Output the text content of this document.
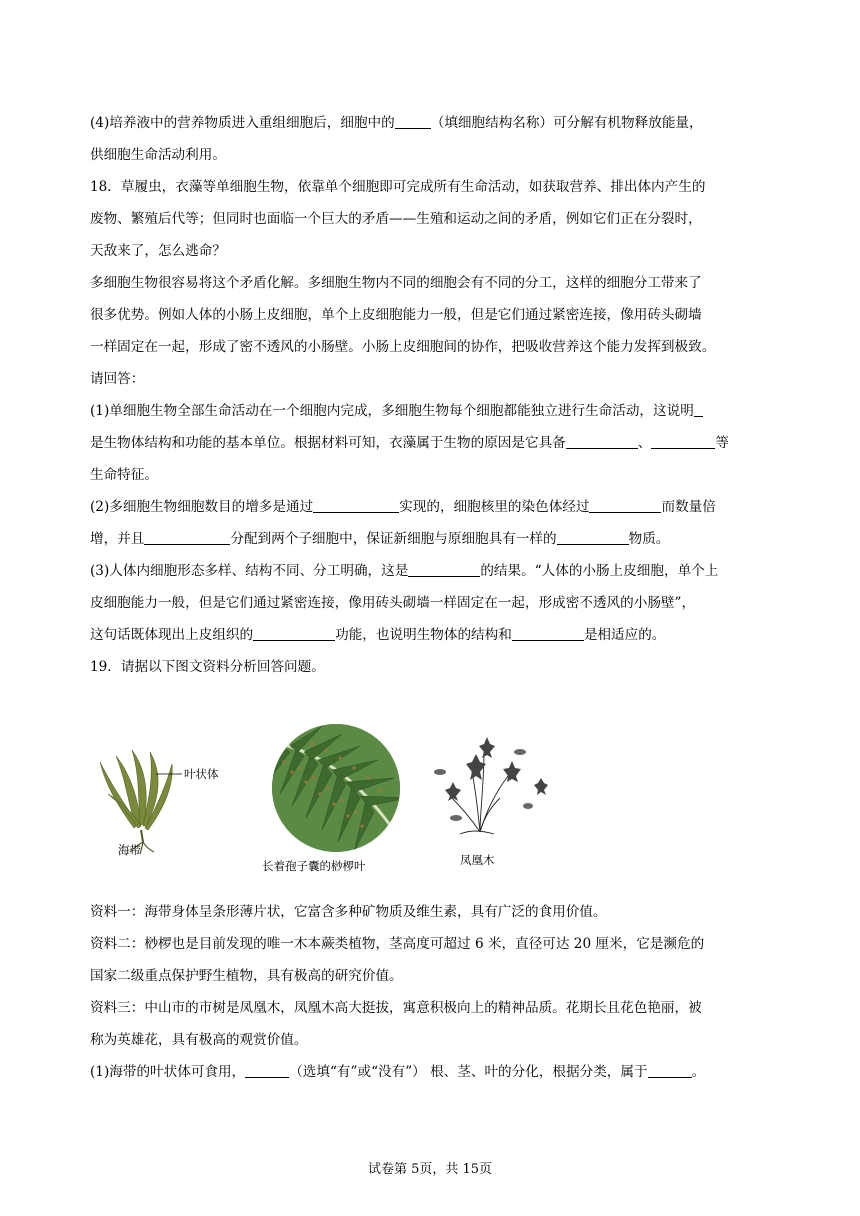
(4)培养液中的营养物质进入重组细胞后，细胞中的	（填细胞结构名称）可分解有机物释放能量，
供细胞生命活动利用。
18．草履虫，衣藻等单细胞生物，依靠单个细胞即可完成所有生命活动，如获取营养、排出体内产生的
废物、繁殖后代等；但同时也面临一个巨大的矛盾——生殖和运动之间的矛盾，例如它们正在分裂时，
天敌来了，怎么逃命？
多细胞生物很容易将这个矛盾化解。多细胞生物内不同的细胞会有不同的分工，这样的细胞分工带来了
很多优势。例如人体的小肠上皮细胞，单个上皮细胞能力一般，但是它们通过紧密连接，像用砖头砌墙
一样固定在一起，形成了密不透风的小肠壁。小肠上皮细胞间的协作，把吸收营养这个能力发挥到极致。
请回答：
(1)单细胞生物全部生命活动在一个细胞内完成，多细胞生物每个细胞都能独立进行生命活动，这说明
是生物体结构和功能的基本单位。根据材料可知，衣藻属于生物的原因是它具备	、	等
生命特征。
(2)多细胞生物细胞数目的增多是通过	实现的，细胞核里的染色体经过	而数量倍
增，并且	分配到两个子细胞中，保证新细胞与原细胞具有一样的	物质。
(3)人体内细胞形态多样、结构不同、分工明确，这是	的结果。“人体的小肠上皮细胞，单个上
皮细胞能力一般，但是它们通过紧密连接，像用砖头砌墙一样固定在一起，形成密不透风的小肠壁”，
这句话既体现出上皮组织的	功能，也说明生物体的结构和	是相适应的。
19．请据以下图文资料分析回答问题。
叶状体
海带
长着孢子囊的桫椤叶	凤凰木
资料一：海带身体呈条形薄片状，它富含多种矿物质及维生素，具有广泛的食用价值。
资料二：桫椤也是目前发现的唯一木本蕨类植物，茎高度可超过 6 米，直径可达 20 厘米，它是濒危的
国家二级重点保护野生植物，具有极高的研究价值。
资料三：中山市的市树是凤凰木，凤凰木高大挺拔，寓意积极向上的精神品质。花期长且花色艳丽，被
称为英雄花，具有极高的观赏价值。
(1)海带的叶状体可食用，	（选填“有”或“没有”） 根、茎、叶的分化，根据分类，属于	。
试卷第 5页，共 15页
